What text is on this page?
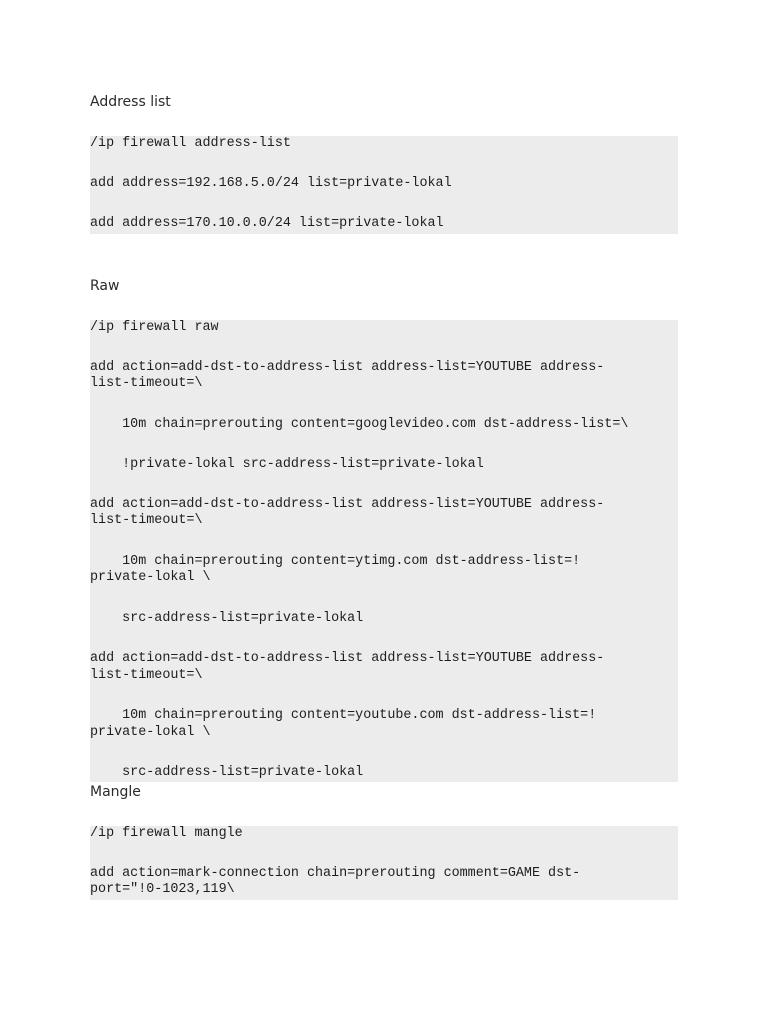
Address list
/ip firewall address-list
add address=192.168.5.0/24 list=private-lokal
add address=170.10.0.0/24 list=private-lokal
Raw
/ip firewall raw
add action=add-dst-to-address-list address-list=YOUTUBE address-
list-timeout=\
10m chain=prerouting content=googlevideo.com dst-address-list=\
!private-lokal src-address-list=private-lokal
add action=add-dst-to-address-list address-list=YOUTUBE address-
list-timeout=\
10m chain=prerouting content=ytimg.com dst-address-list=!
private-lokal \
src-address-list=private-lokal
add action=add-dst-to-address-list address-list=YOUTUBE address-
list-timeout=\
10m chain=prerouting content=youtube.com dst-address-list=!
private-lokal \
src-address-list=private-lokal
Mangle
/ip firewall mangle
add action=mark-connection chain=prerouting comment=GAME dst-
port="!0-1023,119\
